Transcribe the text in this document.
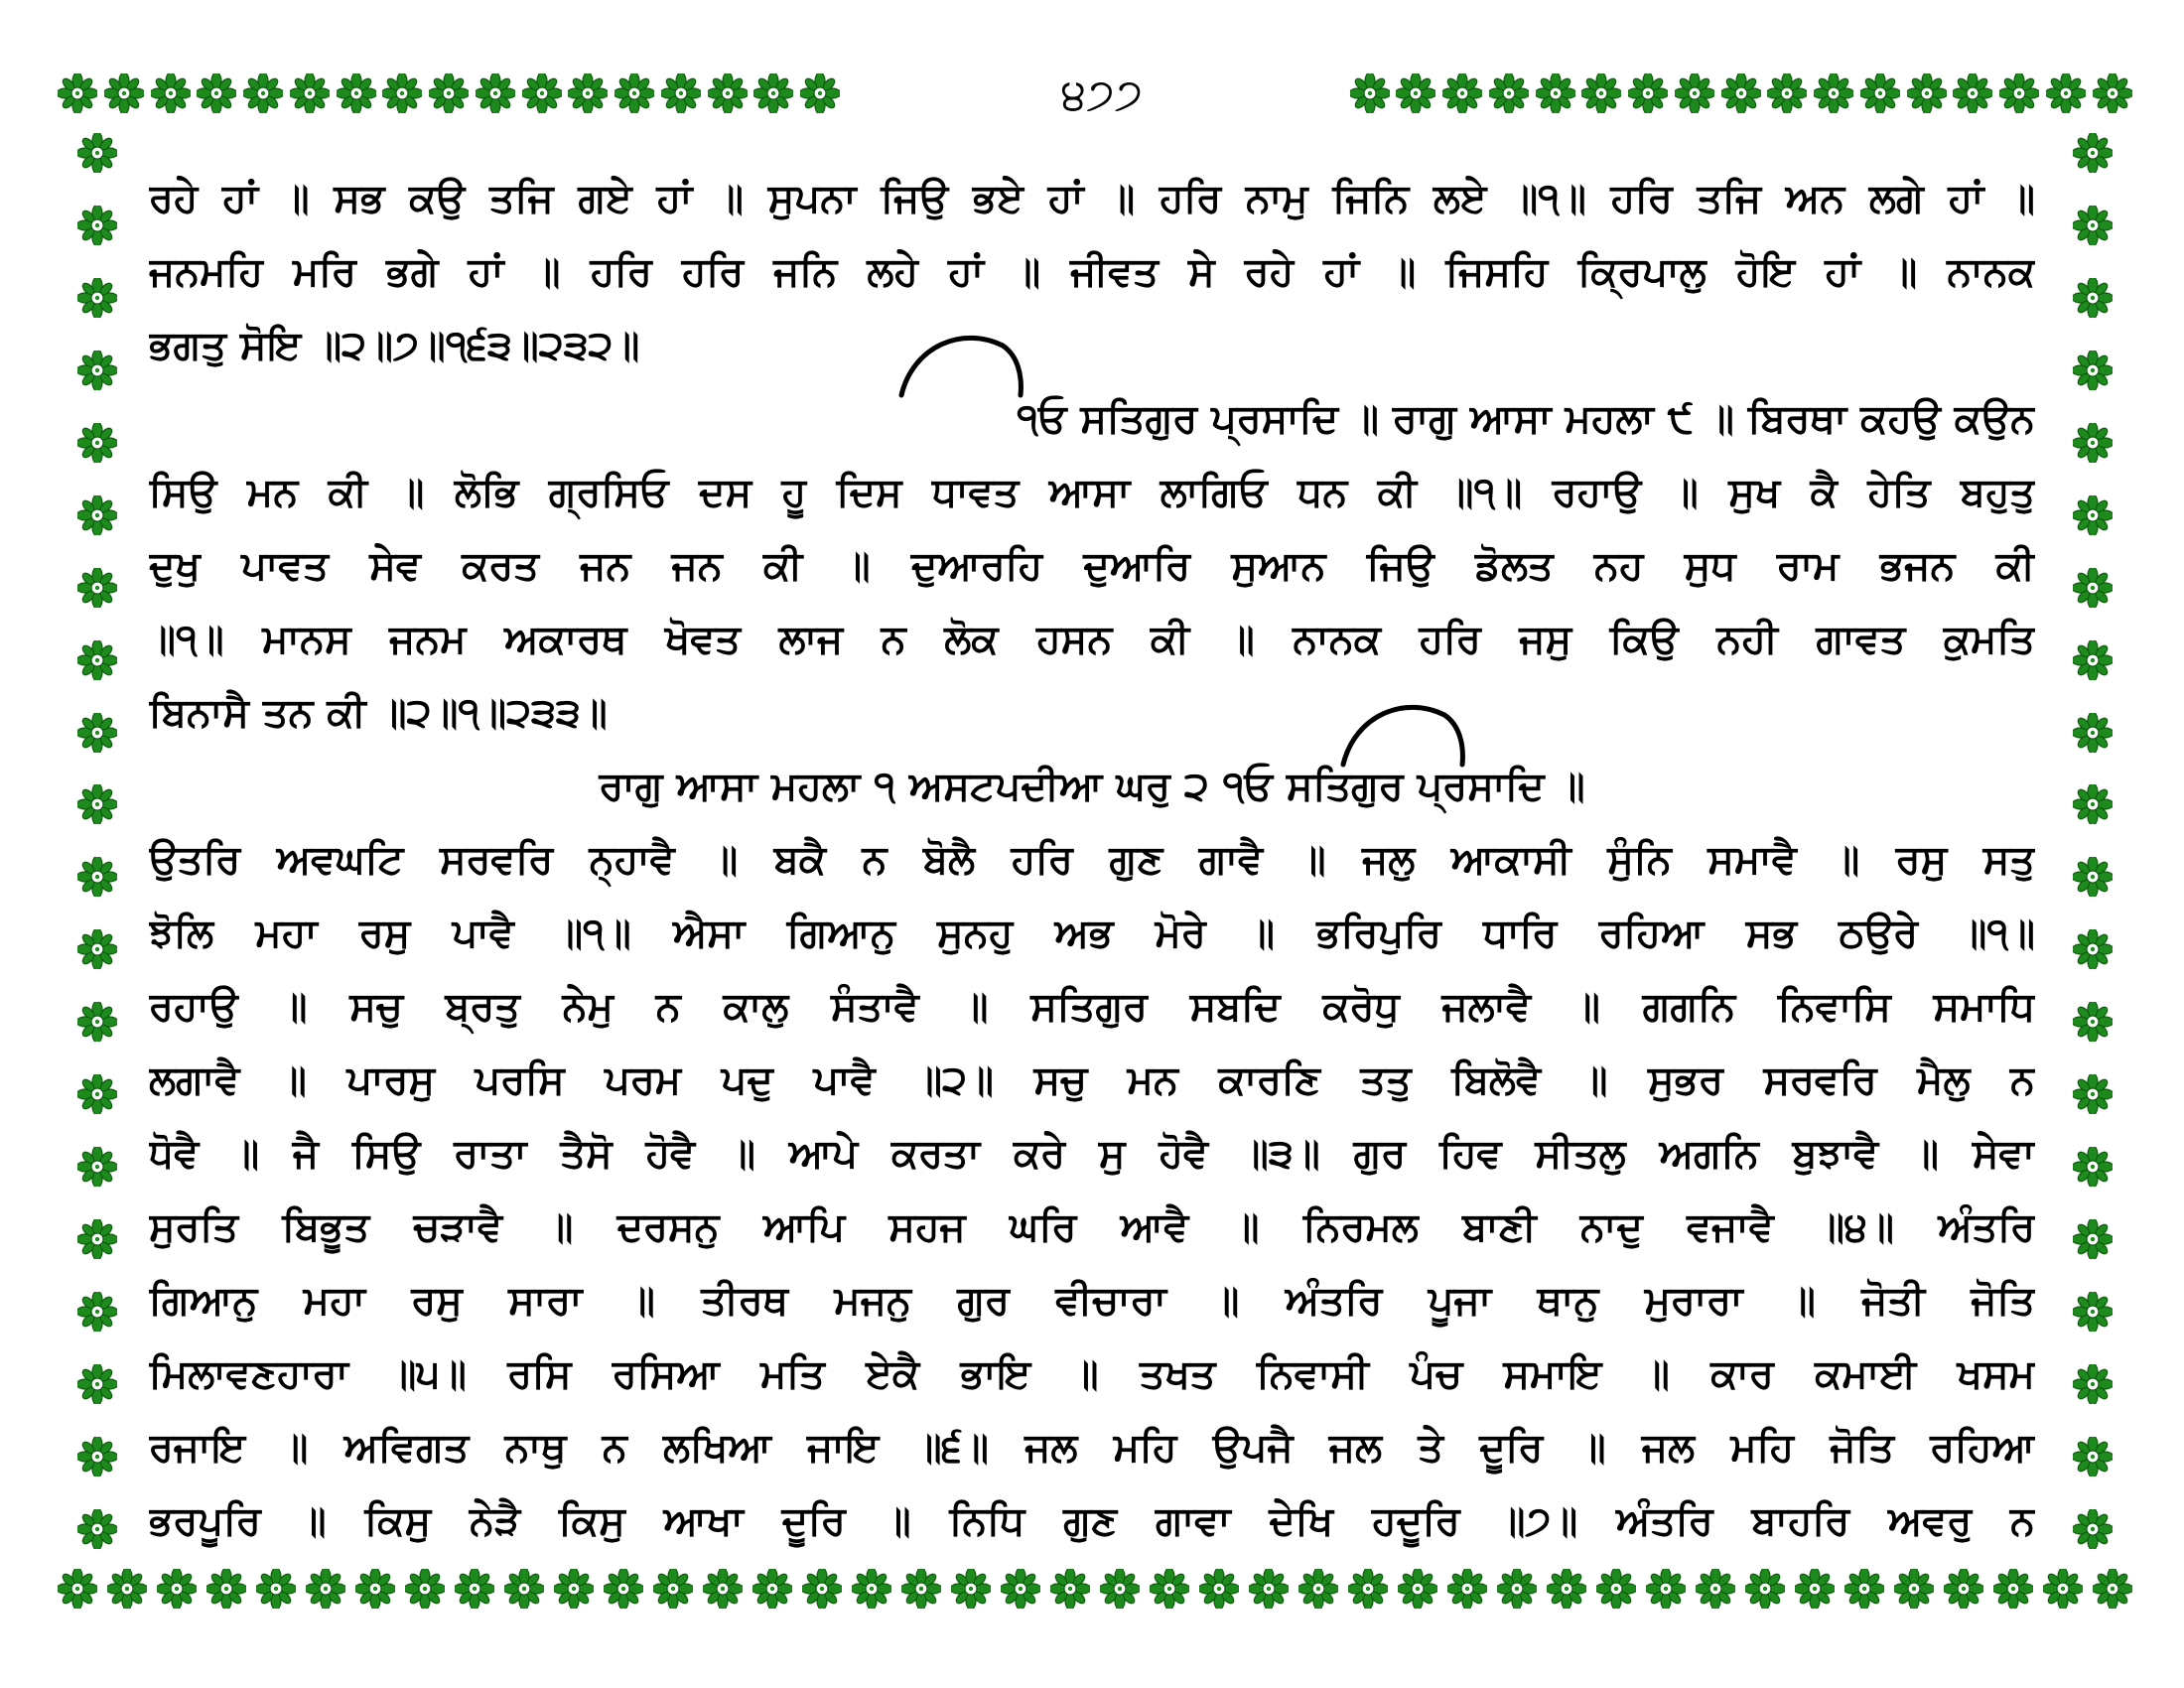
੪੭੭
ਰਹੇ ਹਾਂ ॥ ਸਭ ਕਉ ਤਜਿ ਗਏ ਹਾਂ ॥ ਸੁਪਨਾ ਜਿਉ ਭਏ ਹਾਂ ॥ ਹਰਿ ਨਾਮੁ ਜਿਨਿ ਲਏ ॥੧॥ ਹਰਿ ਤਜਿ ਅਨ ਲਗੇ ਹਾਂ ॥
ਜਨਮਹਿ ਮਰਿ ਭਗੇ ਹਾਂ ॥ ਹਰਿ ਹਰਿ ਜਨਿ ਲਹੇ ਹਾਂ ॥ ਜੀਵਤ ਸੇ ਰਹੇ ਹਾਂ ॥ ਜਿਸਹਿ ਕ੍ਰਿਪਾਲੁ ਹੋਇ ਹਾਂ ॥ ਨਾਨਕ
ਭਗਤੁ ਸੋਇ ॥੨॥੭॥੧੬੩॥੨੩੨॥
੧ਓ ਸਤਿਗੁਰ ਪ੍ਰਸਾਦਿ ॥ ਰਾਗੁ ਆਸਾ ਮਹਲਾ ੯ ॥ ਬਿਰਥਾ ਕਹਉ ਕਉਨ
ਸਿਉ ਮਨ ਕੀ ॥ ਲੋਭਿ ਗ੍ਰਸਿਓ ਦਸ ਹੂ ਦਿਸ ਧਾਵਤ ਆਸਾ ਲਾਗਿਓ ਧਨ ਕੀ ॥੧॥ ਰਹਾਉ ॥ ਸੁਖ ਕੈ ਹੇਤਿ ਬਹੁਤੁ
ਦੁਖੁ ਪਾਵਤ ਸੇਵ ਕਰਤ ਜਨ ਜਨ ਕੀ ॥ ਦੁਆਰਹਿ ਦੁਆਰਿ ਸੁਆਨ ਜਿਉ ਡੋਲਤ ਨਹ ਸੁਧ ਰਾਮ ਭਜਨ ਕੀ
॥੧॥ ਮਾਨਸ ਜਨਮ ਅਕਾਰਥ ਖੋਵਤ ਲਾਜ ਨ ਲੋਕ ਹਸਨ ਕੀ ॥ ਨਾਨਕ ਹਰਿ ਜਸੁ ਕਿਉ ਨਹੀ ਗਾਵਤ ਕੁਮਤਿ
ਬਿਨਾਸੈ ਤਨ ਕੀ ॥੨॥੧॥੨੩੩॥
ਰਾਗੁ ਆਸਾ ਮਹਲਾ ੧ ਅਸਟਪਦੀਆ ਘਰੁ ੨ ੧ਓ ਸਤਿਗੁਰ ਪ੍ਰਸਾਦਿ ॥
ਉਤਰਿ ਅਵਘਟਿ ਸਰਵਰਿ ਨ੍ਹਾਵੈ ॥ ਬਕੈ ਨ ਬੋਲੈ ਹਰਿ ਗੁਣ ਗਾਵੈ ॥ ਜਲੁ ਆਕਾਸੀ ਸੁੰਨਿ ਸਮਾਵੈ ॥ ਰਸੁ ਸਤੁ
ਝੋਲਿ ਮਹਾ ਰਸੁ ਪਾਵੈ ॥੧॥ ਐਸਾ ਗਿਆਨੁ ਸੁਨਹੁ ਅਭ ਮੋਰੇ ॥ ਭਰਿਪੁਰਿ ਧਾਰਿ ਰਹਿਆ ਸਭ ਠਉਰੇ ॥੧॥
ਰਹਾਉ ॥ ਸਚੁ ਬ੍ਰਤੁ ਨੇਮੁ ਨ ਕਾਲੁ ਸੰਤਾਵੈ ॥ ਸਤਿਗੁਰ ਸਬਦਿ ਕਰੋਧੁ ਜਲਾਵੈ ॥ ਗਗਨਿ ਨਿਵਾਸਿ ਸਮਾਧਿ
ਲਗਾਵੈ ॥ ਪਾਰਸੁ ਪਰਸਿ ਪਰਮ ਪਦੁ ਪਾਵੈ ॥੨॥ ਸਚੁ ਮਨ ਕਾਰਣਿ ਤਤੁ ਬਿਲੋਵੈ ॥ ਸੁਭਰ ਸਰਵਰਿ ਮੈਲੁ ਨ
ਧੋਵੈ ॥ ਜੈ ਸਿਉ ਰਾਤਾ ਤੈਸੋ ਹੋਵੈ ॥ ਆਪੇ ਕਰਤਾ ਕਰੇ ਸੁ ਹੋਵੈ ॥੩॥ ਗੁਰ ਹਿਵ ਸੀਤਲੁ ਅਗਨਿ ਬੁਝਾਵੈ ॥ ਸੇਵਾ
ਸੁਰਤਿ ਬਿਭੂਤ ਚੜਾਵੈ ॥ ਦਰਸਨੁ ਆਪਿ ਸਹਜ ਘਰਿ ਆਵੈ ॥ ਨਿਰਮਲ ਬਾਣੀ ਨਾਦੁ ਵਜਾਵੈ ॥੪॥ ਅੰਤਰਿ
ਗਿਆਨੁ ਮਹਾ ਰਸੁ ਸਾਰਾ ॥ ਤੀਰਥ ਮਜਨੁ ਗੁਰ ਵੀਚਾਰਾ ॥ ਅੰਤਰਿ ਪੂਜਾ ਥਾਨੁ ਮੁਰਾਰਾ ॥ ਜੋਤੀ ਜੋਤਿ
ਮਿਲਾਵਣਹਾਰਾ ॥੫॥ ਰਸਿ ਰਸਿਆ ਮਤਿ ਏਕੈ ਭਾਇ ॥ ਤਖਤ ਨਿਵਾਸੀ ਪੰਚ ਸਮਾਇ ॥ ਕਾਰ ਕਮਾਈ ਖਸਮ
ਰਜਾਇ ॥ ਅਵਿਗਤ ਨਾਥੁ ਨ ਲਖਿਆ ਜਾਇ ॥੬॥ ਜਲ ਮਹਿ ਉਪਜੈ ਜਲ ਤੇ ਦੂਰਿ ॥ ਜਲ ਮਹਿ ਜੋਤਿ ਰਹਿਆ
ਭਰਪੂਰਿ ॥ ਕਿਸੁ ਨੇੜੈ ਕਿਸੁ ਆਖਾ ਦੂਰਿ ॥ ਨਿਧਿ ਗੁਣ ਗਾਵਾ ਦੇਖਿ ਹਦੂਰਿ ॥੭॥ ਅੰਤਰਿ ਬਾਹਰਿ ਅਵਰੁ ਨ
